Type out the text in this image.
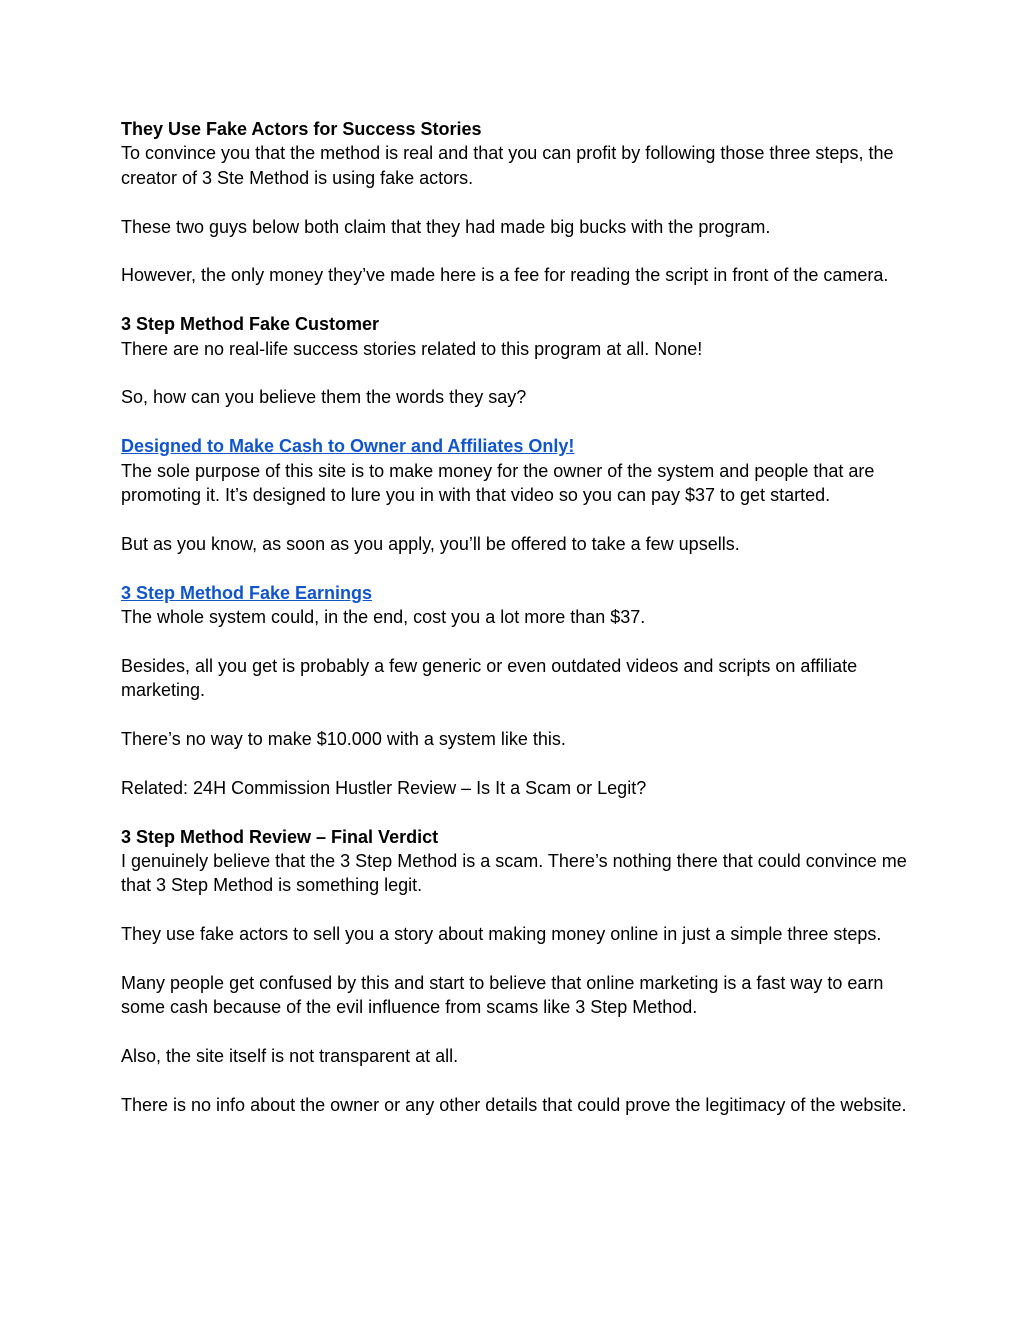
They Use Fake Actors for Success Stories

To convince you that the method is real and that you can profit by following those three steps, the creator of 3 Ste Method is using fake actors.

These two guys below both claim that they had made big bucks with the program.

However, the only money they’ve made here is a fee for reading the script in front of the camera.

3 Step Method Fake Customer

There are no real-life success stories related to this program at all. None!

So, how can you believe them the words they say?

Designed to Make Cash to Owner and Affiliates Only!

The sole purpose of this site is to make money for the owner of the system and people that are promoting it. It’s designed to lure you in with that video so you can pay $37 to get started.

But as you know, as soon as you apply, you’ll be offered to take a few upsells.

3 Step Method Fake Earnings

The whole system could, in the end, cost you a lot more than $37.

Besides, all you get is probably a few generic or even outdated videos and scripts on affiliate marketing.

There’s no way to make $10.000 with a system like this.

Related: 24H Commission Hustler Review – Is It a Scam or Legit?

3 Step Method Review – Final Verdict

I genuinely believe that the 3 Step Method is a scam. There’s nothing there that could convince me that 3 Step Method is something legit.

They use fake actors to sell you a story about making money online in just a simple three steps.

Many people get confused by this and start to believe that online marketing is a fast way to earn some cash because of the evil influence from scams like 3 Step Method.

Also, the site itself is not transparent at all.

There is no info about the owner or any other details that could prove the legitimacy of the website.
